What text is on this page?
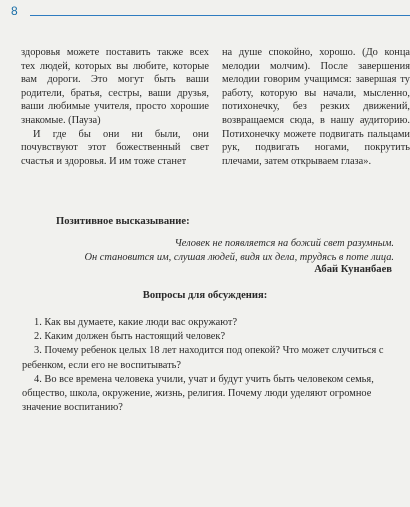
8

здоровья можете поставить также всех тех людей, которых вы любите, которые вам дороги. Это могут быть ваши родители, братья, сестры, ваши друзья, ваши любимые учителя, просто хорошие знакомые. (Пауза)

И где бы они ни были, они почувствуют этот божественный свет счастья и здоровья. И им тоже станет

на душе спокойно, хорошо. (До конца мелодии молчим). После завершения мелодии говорим учащимся: завершая ту работу, которую вы начали, мысленно, потихонечку, без резких движений, возвращаемся сюда, в нашу аудиторию. Потихонечку можете подвигать пальцами рук, подвигать ногами, покрутить плечами, затем открываем глаза».

Позитивное высказывание:
Человек не появляется на божий свет разумным.
Он становится им, слушая людей, видя их дела, трудясь в поте лица.
Абай Кунанбаев
Вопросы для обсуждения:

1. Как вы думаете, какие люди вас окружают?

2. Каким должен быть настоящий человек?

3. Почему ребенок целых 18 лет находится под опекой? Что может случиться с

ребенком, если его не воспитывать?

4. Во все времена человека учили, учат и будут учить быть человеком семья,

общество, школа, окружение, жизнь, религия. Почему люди уделяют огромное

значение воспитанию?
